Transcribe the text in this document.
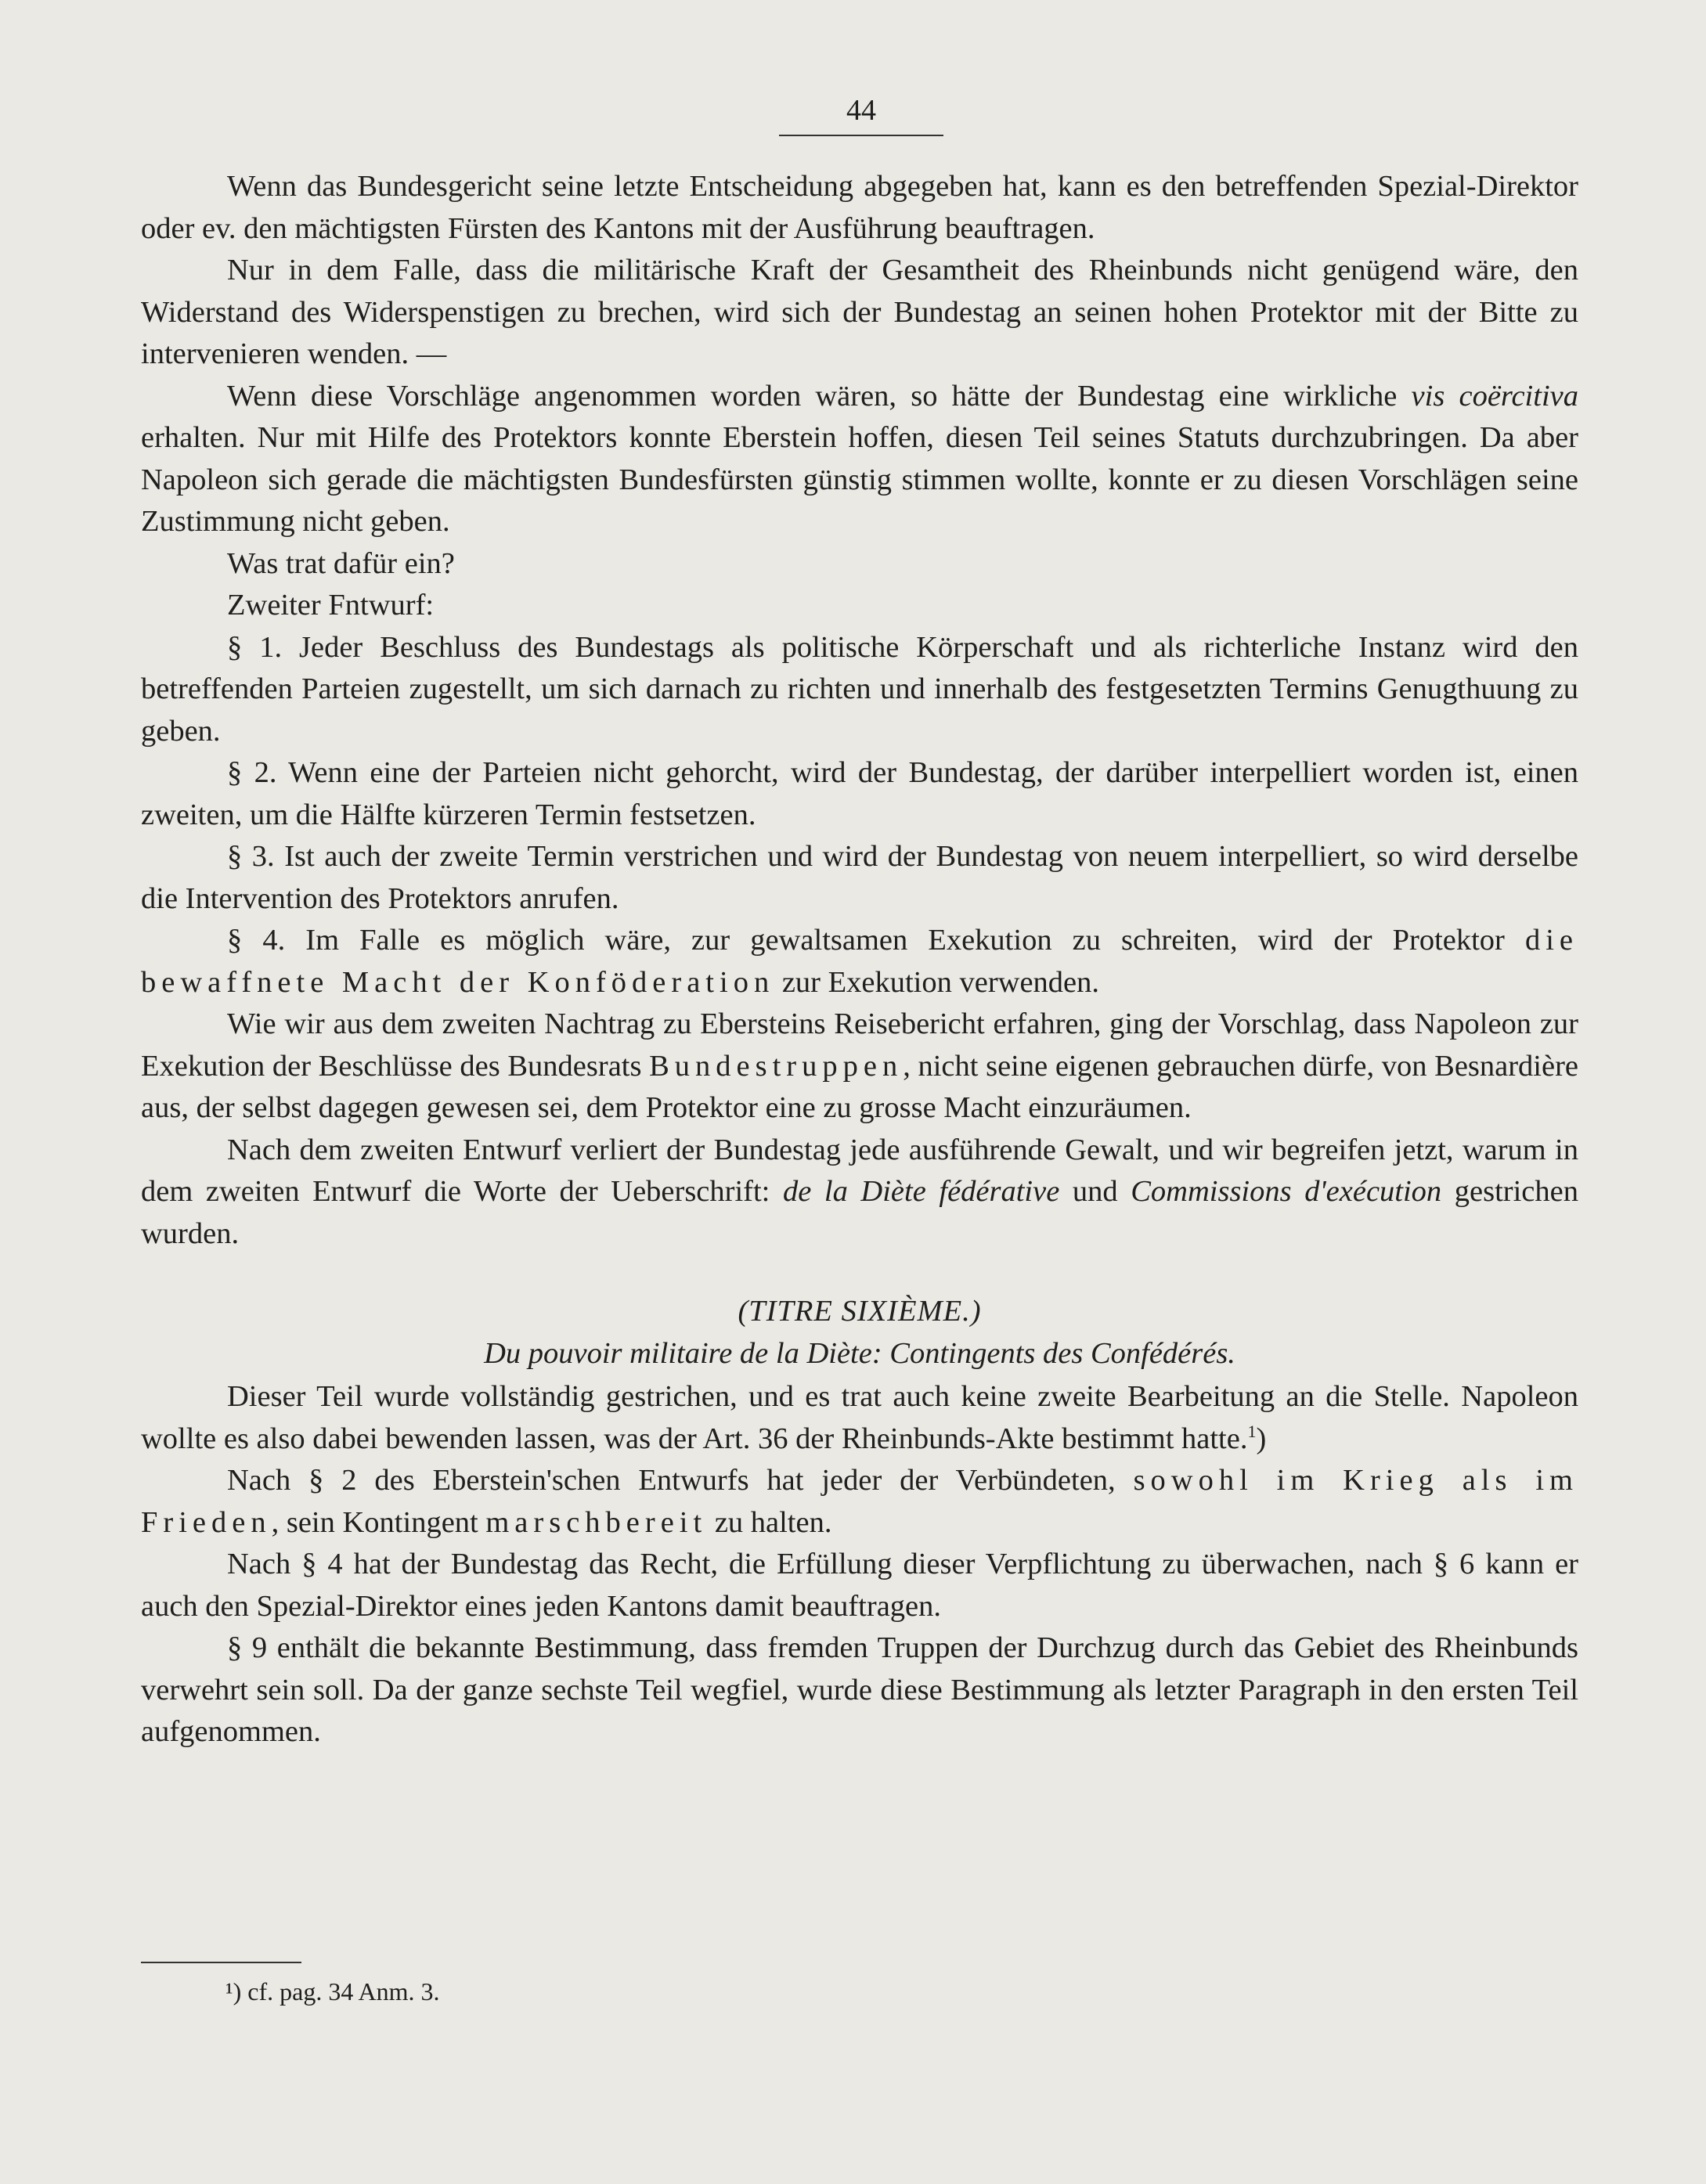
44

Wenn das Bundesgericht seine letzte Entscheidung abgegeben hat, kann es den betreffenden Spezial-Direktor oder ev. den mächtigsten Fürsten des Kantons mit der Ausführung beauftragen.

Nur in dem Falle, dass die militärische Kraft der Gesamtheit des Rheinbunds nicht genügend wäre, den Widerstand des Widerspenstigen zu brechen, wird sich der Bundestag an seinen hohen Protektor mit der Bitte zu intervenieren wenden. —

Wenn diese Vorschläge angenommen worden wären, so hätte der Bundestag eine wirkliche vis coërcitiva erhalten. Nur mit Hilfe des Protektors konnte Eberstein hoffen, diesen Teil seines Statuts durchzubringen. Da aber Napoleon sich gerade die mächtigsten Bundesfürsten günstig stimmen wollte, konnte er zu diesen Vorschlägen seine Zustimmung nicht geben.

Was trat dafür ein?

Zweiter Fntwurf:

§ 1. Jeder Beschluss des Bundestags als politische Körperschaft und als richterliche Instanz wird den betreffenden Parteien zugestellt, um sich darnach zu richten und innerhalb des festgesetzten Termins Genugthuung zu geben.

§ 2. Wenn eine der Parteien nicht gehorcht, wird der Bundestag, der darüber interpelliert worden ist, einen zweiten, um die Hälfte kürzeren Termin festsetzen.

§ 3. Ist auch der zweite Termin verstrichen und wird der Bundestag von neuem interpelliert, so wird derselbe die Intervention des Protektors anrufen.

§ 4. Im Falle es möglich wäre, zur gewaltsamen Exekution zu schreiten, wird der Protektor die bewaffnete Macht der Konföderation zur Exekution verwenden.

Wie wir aus dem zweiten Nachtrag zu Ebersteins Reisebericht erfahren, ging der Vorschlag, dass Napoleon zur Exekution der Beschlüsse des Bundesrats Bundestruppen, nicht seine eigenen gebrauchen dürfe, von Besnardière aus, der selbst dagegen gewesen sei, dem Protektor eine zu grosse Macht einzuräumen.

Nach dem zweiten Entwurf verliert der Bundestag jede ausführende Gewalt, und wir begreifen jetzt, warum in dem zweiten Entwurf die Worte der Ueberschrift: de la Diète fédérative und Commissions d'exécution gestrichen wurden.

(TITRE SIXIÈME.)

Du pouvoir militaire de la Diète: Contingents des Confédérés.

Dieser Teil wurde vollständig gestrichen, und es trat auch keine zweite Bearbeitung an die Stelle. Napoleon wollte es also dabei bewenden lassen, was der Art. 36 der Rheinbunds-Akte bestimmt hatte.$^1$)

Nach § 2 des Eberstein'schen Entwurfs hat jeder der Verbündeten, sowohl im Krieg als im Frieden, sein Kontingent marschbereit zu halten.

Nach § 4 hat der Bundestag das Recht, die Erfüllung dieser Verpflichtung zu überwachen, nach § 6 kann er auch den Spezial-Direktor eines jeden Kantons damit beauftragen.

§ 9 enthält die bekannte Bestimmung, dass fremden Truppen der Durchzug durch das Gebiet des Rheinbunds verwehrt sein soll. Da der ganze sechste Teil wegfiel, wurde diese Bestimmung als letzter Paragraph in den ersten Teil aufgenommen.

¹) cf. pag. 34 Anm. 3.
